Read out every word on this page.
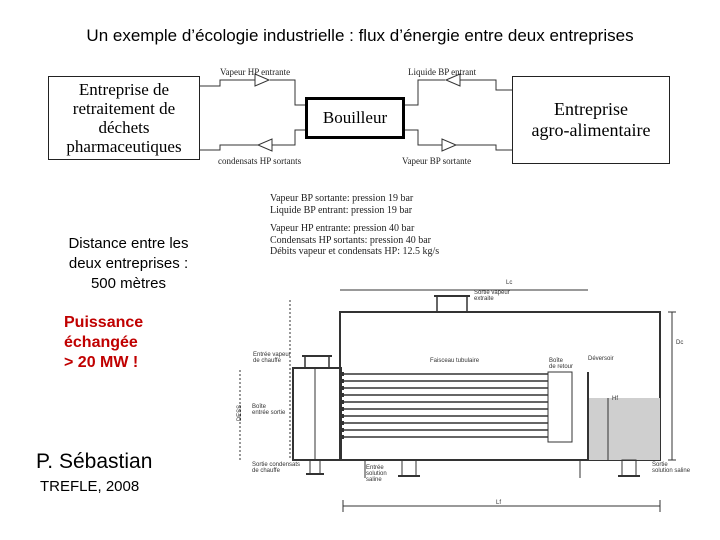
Un exemple d’écologie industrielle : flux d’énergie entre deux entreprises
Entreprise de
retraitement de
déchets
pharmaceutiques
Entreprise
agro-alimentaire
Bouilleur
Vapeur HP entrante	Liquide BP entrant
condensats HP sortants	Vapeur BP sortante
Vapeur BP sortante: pression 19 bar
Liquide BP entrant: pression 19 bar
Vapeur HP entrante: pression 40 bar
Condensats HP sortants: pression 40 bar
Débits vapeur et condensats HP: 12.5 kg/s
Distance entre les
deux entreprises :
500 mètres
Puissance
échangée
> 20 MW !
P. Sébastian
TREFLE, 2008
Lc
Sortie vapeur
extraite
Entrée vapeur
de chauffe	Déversoir
Faisceau tubulaire	Boîte
de retour
Boîte
entrée sortie
Sortie condensats
de chauffe	Entrée
solution
saline
Sortie
solution saline
Dc
Lf
Hf
DESS
